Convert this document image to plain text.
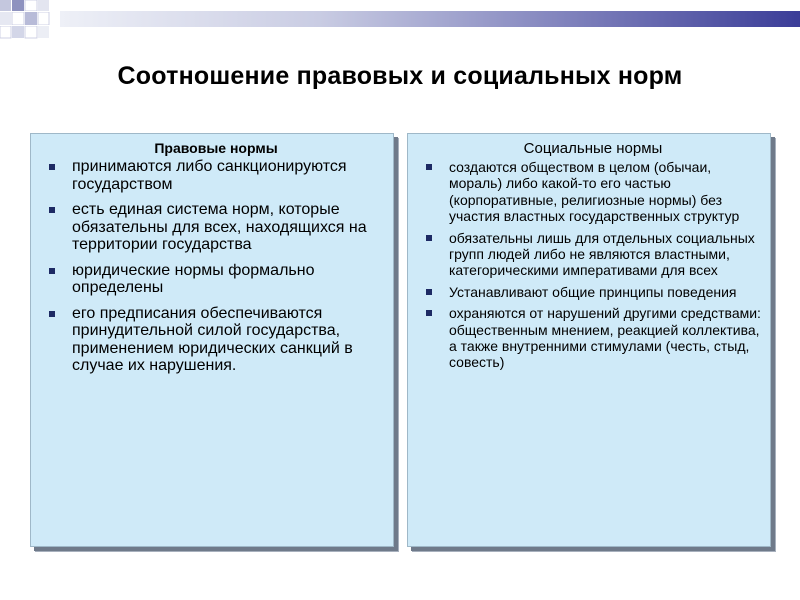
Соотношение правовых и социальных норм
Правовые нормы
принимаются либо санкционируются государством
есть единая система норм, которые обязательны для всех, находящихся на территории государства
юридические нормы формально определены
его предписания обеспечиваются принудительной силой государства, применением юридических санкций в случае их нарушения.
Социальные нормы
создаются обществом в целом (обычаи, мораль) либо какой-то его частью (корпоративные, религиозные нормы) без участия властных государственных структур
обязательны лишь для отдельных социальных групп людей либо не являются властными, категорическими императивами для всех
Устанавливают общие принципы поведения
охраняются от нарушений другими средствами: общественным мнением, реакцией коллектива, а также внутренними стимулами (честь, стыд, совесть)
